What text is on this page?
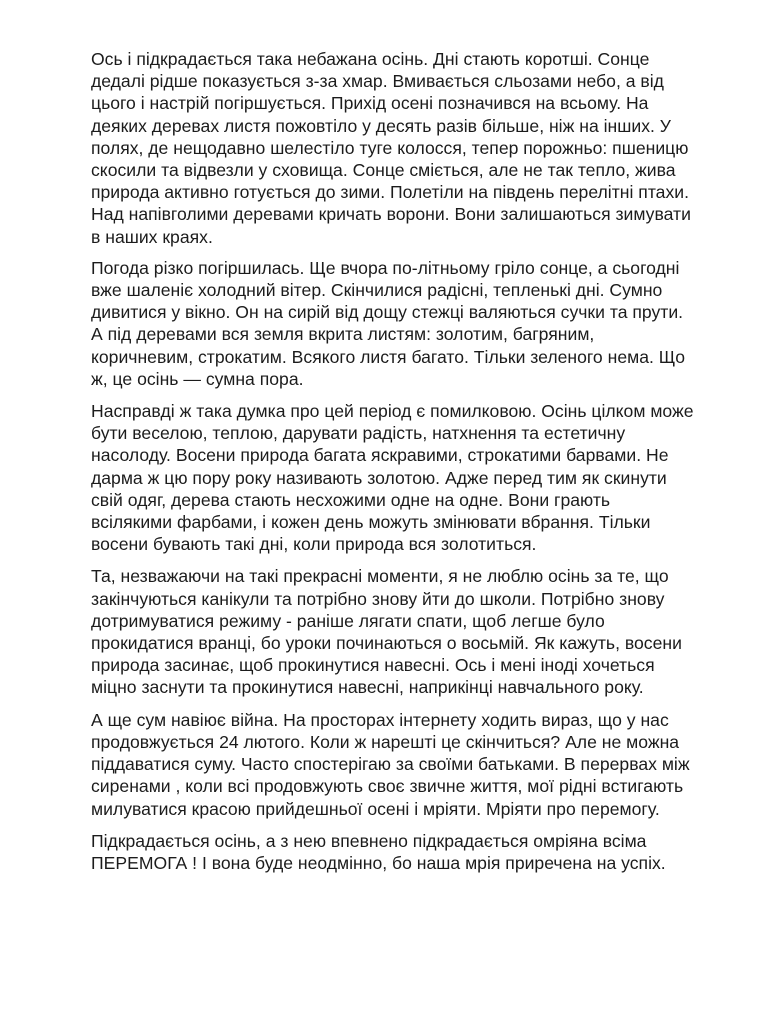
Ось і підкрадається така небажана осінь. Дні стають коротші. Сонце
дедалі рідше показується з-за хмар. Вмивається сльозами небо, а від
цього і настрій погіршується. Прихід осені позначився на всьому. На
деяких деревах листя пожовтіло у десять разів більше, ніж на інших. У
полях, де нещодавно шелестіло туге колосся, тепер порожньо: пшеницю
скосили та відвезли у сховища. Сонце сміється, але не так тепло, жива
природа активно готується до зими. Полетіли на південь перелітні птахи.
Над напівголими деревами кричать ворони. Вони залишаються зимувати
в наших краях.

Погода різко погіршилась. Ще вчора по-літньому гріло сонце, а сьогодні
вже шаленіє холодний вітер. Скінчилися радісні, тепленькі дні. Сумно
дивитися у вікно. Он на сирій від дощу стежці валяються сучки та прути.
А під деревами вся земля вкрита листям: золотим, багряним,
коричневим, строкатим. Всякого листя багато. Тільки зеленого нема. Що
ж, це осінь — сумна пора.

Насправді ж така думка про цей період є помилковою. Осінь цілком може
бути веселою, теплою, дарувати радість, натхнення та естетичну
насолоду. Восени природа багата яскравими, строкатими барвами. Не
дарма ж цю пору року називають золотою. Адже перед тим як скинути
свій одяг, дерева стають несхожими одне на одне. Вони грають
всілякими фарбами, і кожен день можуть змінювати вбрання. Тільки
восени бувають такі дні, коли природа вся золотиться.

Та, незважаючи на такі прекрасні моменти, я не люблю осінь за те, що
закінчуються канікули та потрібно знову йти до школи. Потрібно знову
дотримуватися режиму - раніше лягати спати, щоб легше було
прокидатися вранці, бо уроки починаються о восьмій. Як кажуть, восени
природа засинає, щоб прокинутися навесні. Ось і мені іноді хочеться
міцно заснути та прокинутися навесні, наприкінці навчального року.

А ще сум навіює війна. На просторах інтернету ходить вираз, що у нас
продовжується 24 лютого. Коли ж нарешті це скінчиться? Але не можна
піддаватися суму. Часто спостерігаю за своїми батьками. В перервах між
сиренами , коли всі продовжують своє звичне життя, мої рідні встигають
милуватися красою прийдешньої осені і мріяти. Мріяти про перемогу.

Підкрадається осінь, а з нею впевнено підкрадається омріяна всіма
ПЕРЕМОГА ! І вона буде неодмінно, бо наша мрія приречена на успіх.
